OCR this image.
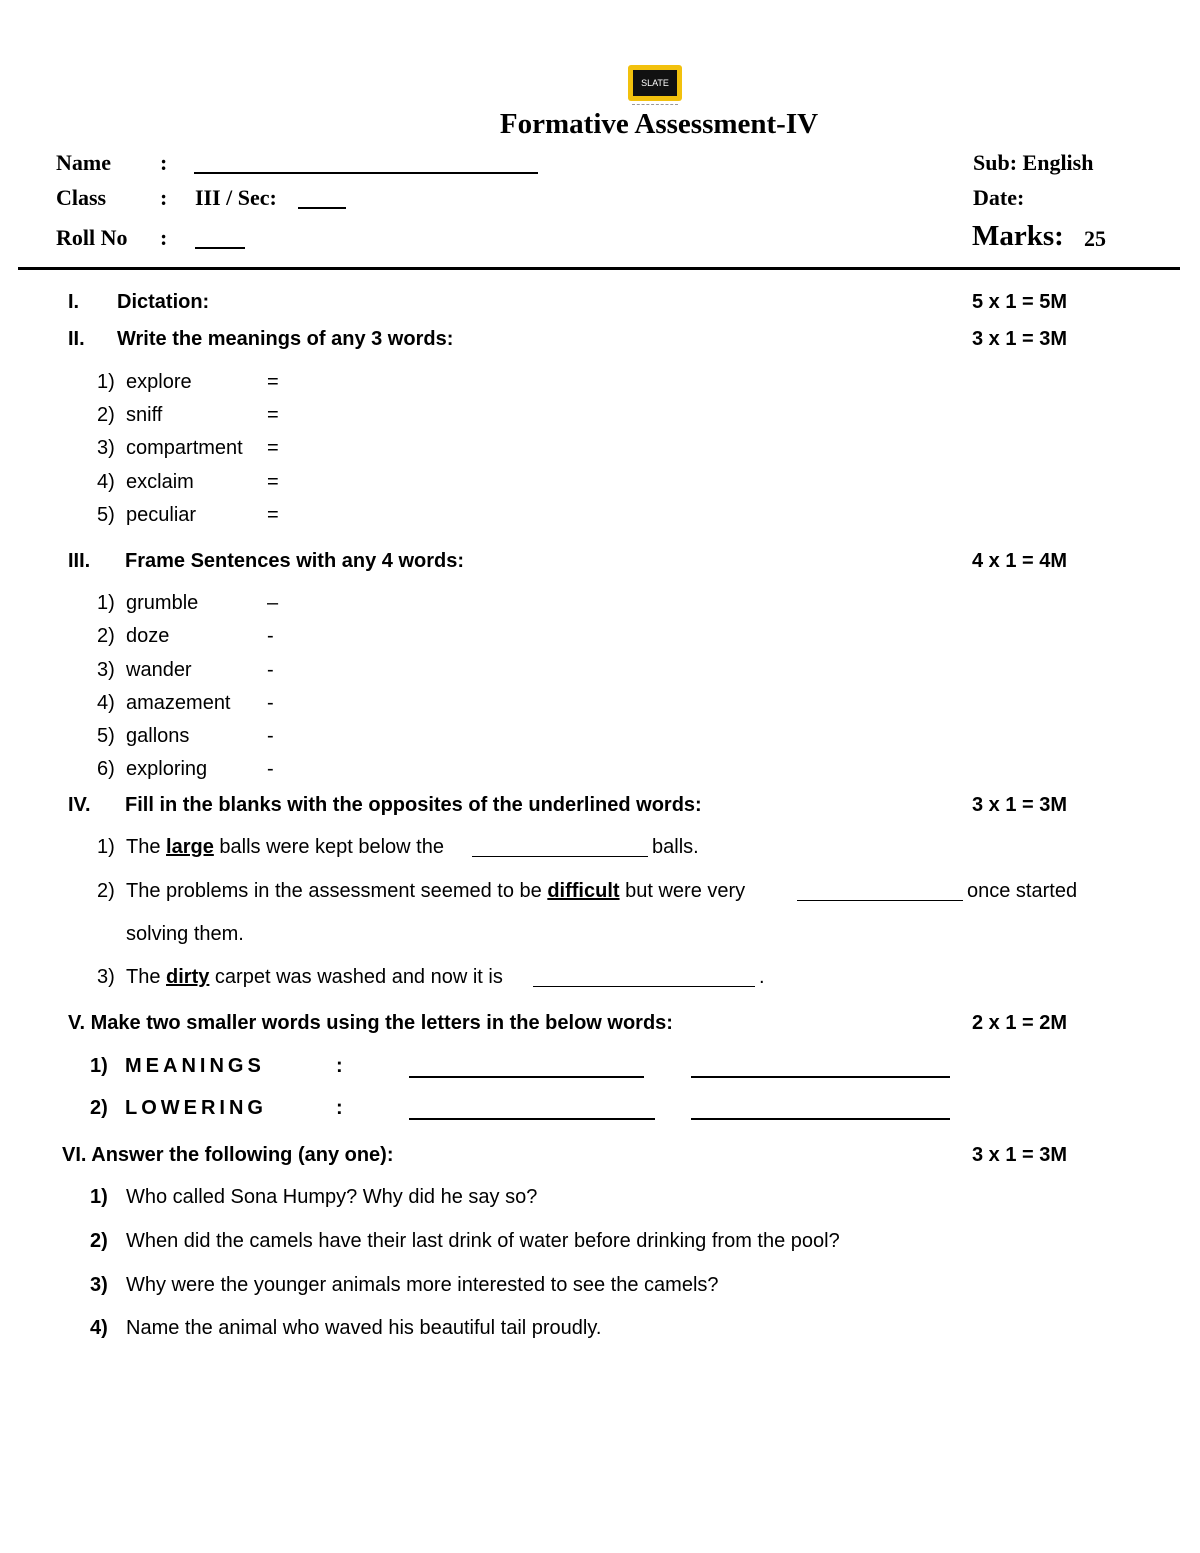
SLATE
Formative Assessment-IV
Name :
Class : III / Sec:
Roll No :
Sub: English
Date:
Marks: 25
I. Dictation:	5 x 1 = 5M
II. Write the meanings of any 3 words:	3 x 1 = 3M
1) explore	=
2) sniff	=
3) compartment =
4) exclaim	=
5) peculiar	=
III. Frame Sentences with any 4 words:	4 x 1 = 4M
1) grumble	–
2) doze	-
3) wander	-
4) amazement -
5) gallons	-
6) exploring	-
IV. Fill in the blanks with the opposites of the underlined words:	3 x 1 = 3M
1) The large balls were kept below the	balls.
2) The problems in the assessment seemed to be difficult but were very	once started
solving them.
3) The dirty carpet was washed and now it is	.
V. Make two smaller words using the letters in the below words:	2 x 1 = 2M
1) MEANINGS	:
2) LOWERING	:
VI. Answer the following (any one):	3 x 1 = 3M
1) Who called Sona Humpy? Why did he say so?
2) When did the camels have their last drink of water before drinking from the pool?
3) Why were the younger animals more interested to see the camels?
4) Name the animal who waved his beautiful tail proudly.
